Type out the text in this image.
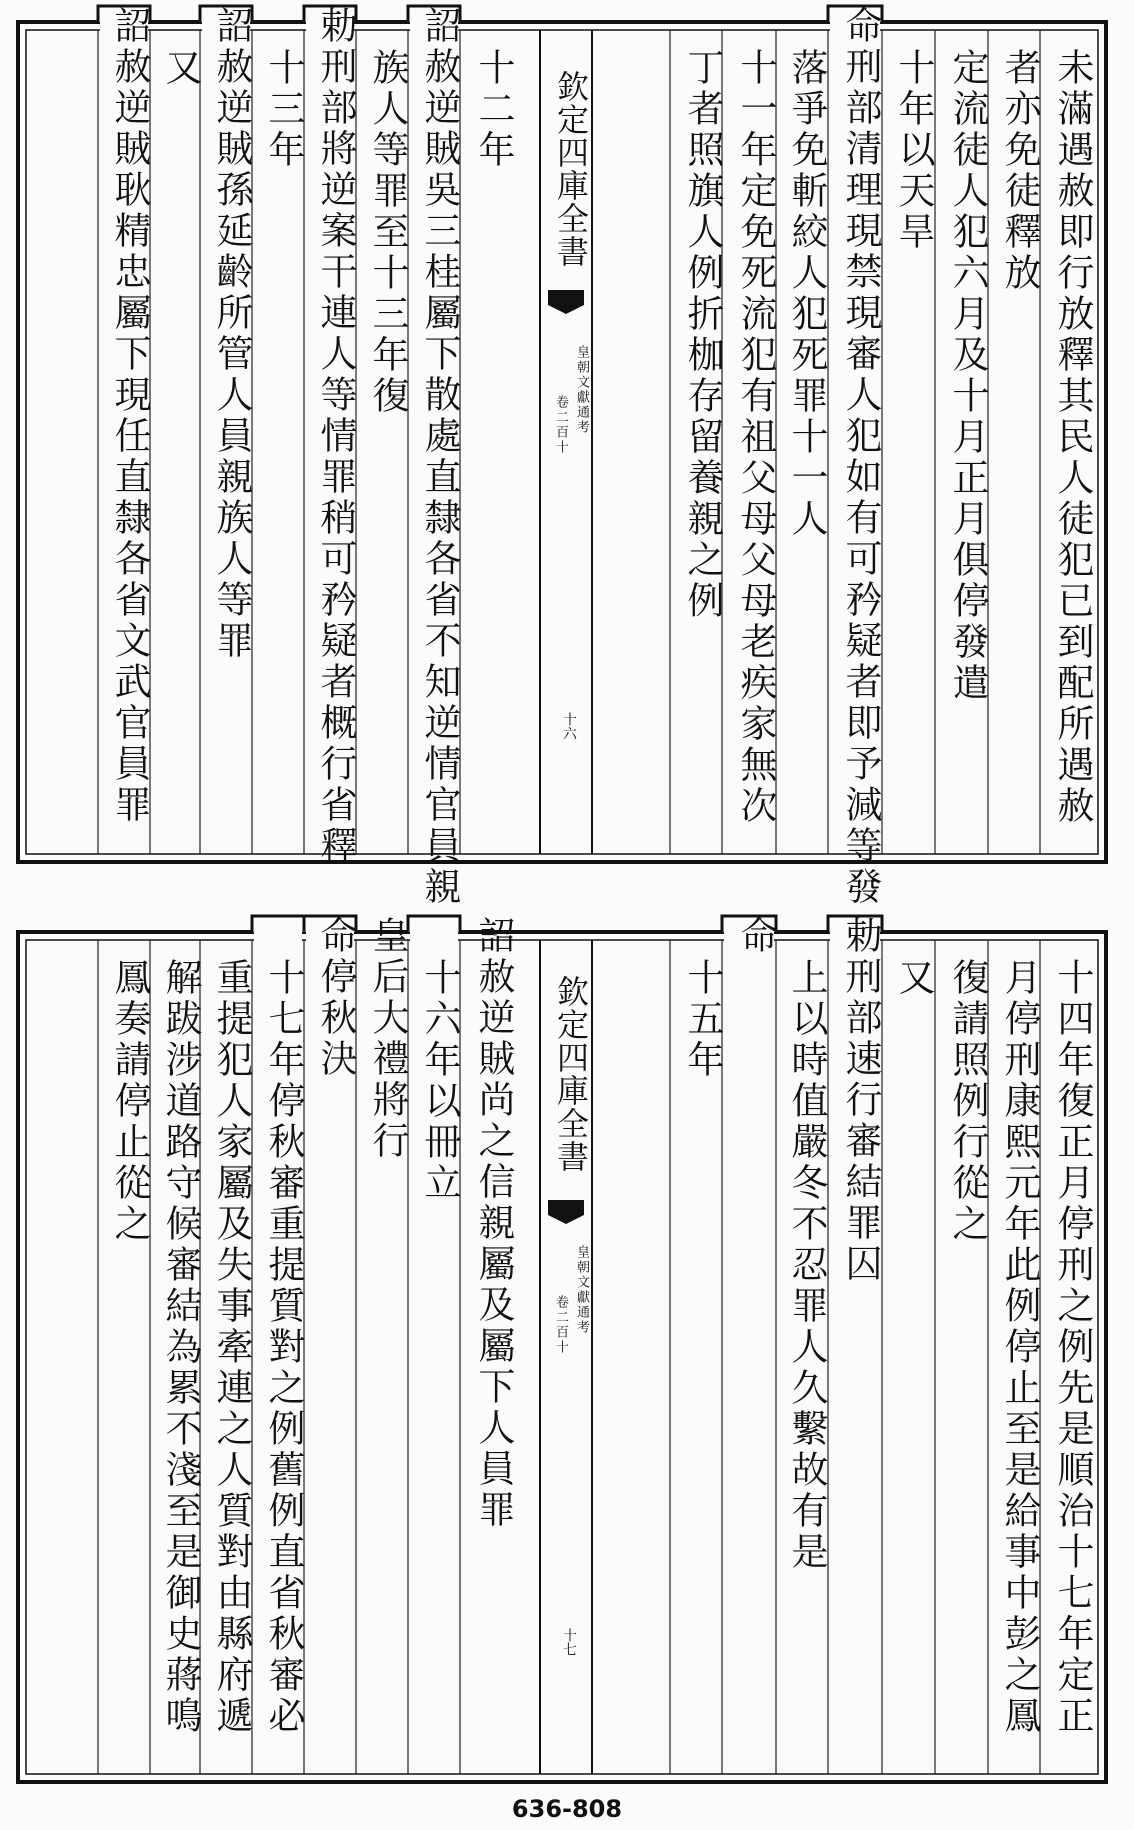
未滿遇赦即行放釋其民人徒犯已到配所遇赦
者亦免徒釋放
定流徒人犯六月及十月正月俱停發遣
十年以天旱
命刑部清理現禁現審人犯如有可矜疑者即予減等發
落爭免斬絞人犯死罪十一人
十一年定免死流犯有祖父母父母老疾家無次
丁者照旗人例折枷存留養親之例
十二年
詔赦逆賊吳三桂屬下散處直隸各省不知逆情官員親
族人等罪至十三年復
勅刑部將逆案干連人等情罪稍可矜疑者概行省釋
十三年
詔赦逆賊孫延齡所管人員親族人等罪
又
詔赦逆賊耿精忠屬下現任直隸各省文武官員罪	欽定四庫全書
皇朝文獻通考
卷二百十
十六
十四年復正月停刑之例先是順治十七年定正
月停刑康熙元年此例停止至是給事中彭之鳳
復請照例行從之
又
勅刑部速行審結罪囚
上以時值嚴冬不忍罪人久繫故有是
命
十五年
詔赦逆賊尚之信親屬及屬下人員罪
十六年以冊立
皇后大禮將行
命停秋決
十七年停秋審重提質對之例舊例直省秋審必
重提犯人家屬及失事牽連之人質對由縣府遞
解跋涉道路守候審結為累不淺至是御史蔣鳴
鳳奏請停止從之	欽定四庫全書
皇朝文獻通考
卷二百十
十七
636-808
